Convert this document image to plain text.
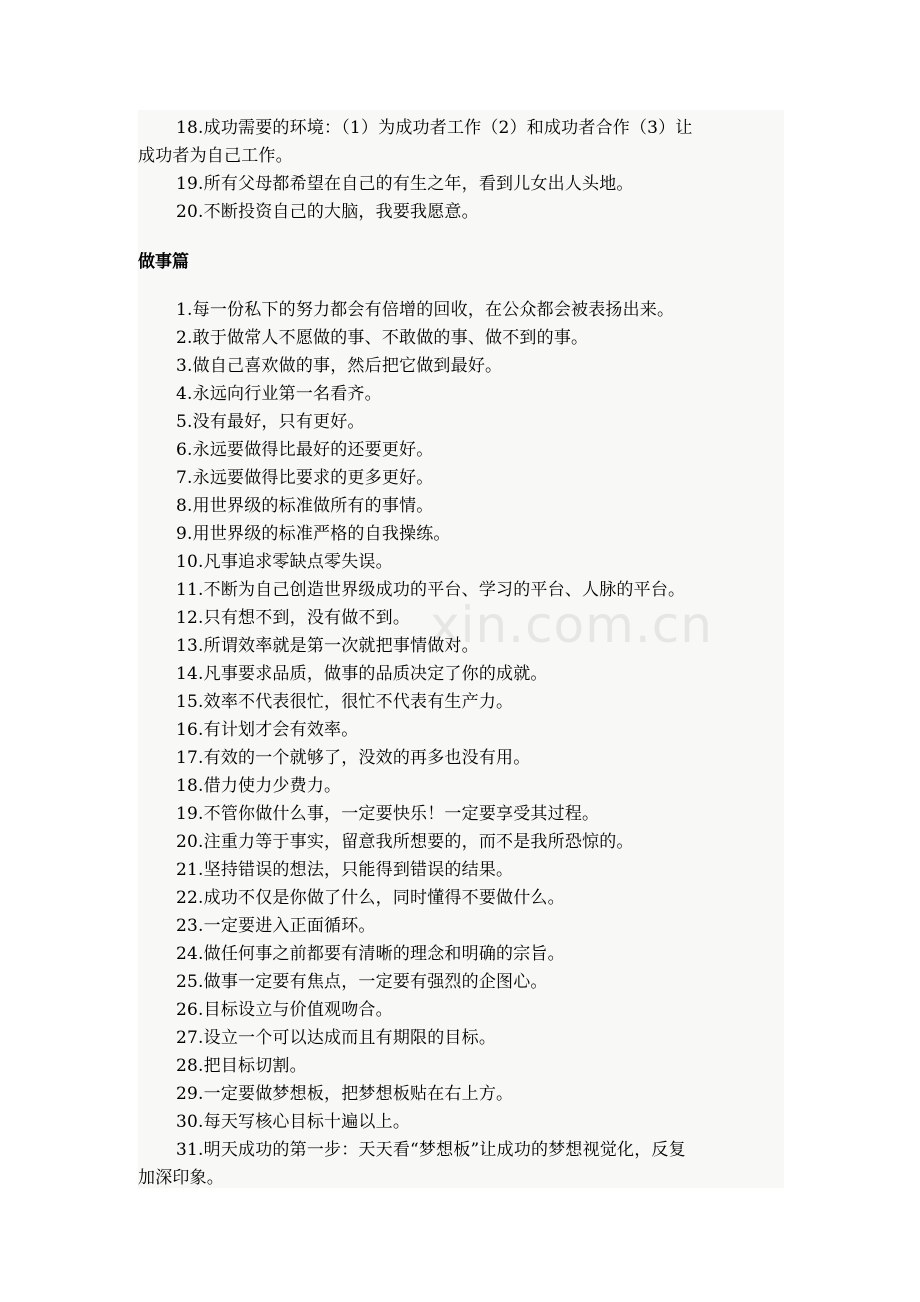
18.成功需要的环境：（1）为成功者工作（2）和成功者合作（3）让
成功者为自己工作。
19.所有父母都希望在自己的有生之年，看到儿女出人头地。
20.不断投资自己的大脑，我要我愿意。
做事篇
1.每一份私下的努力都会有倍增的回收，在公众都会被表扬出来。
2.敢于做常人不愿做的事、不敢做的事、做不到的事。
3.做自己喜欢做的事，然后把它做到最好。
4.永远向行业第一名看齐。
5.没有最好，只有更好。
6.永远要做得比最好的还要更好。
7.永远要做得比要求的更多更好。
8.用世界级的标准做所有的事情。
9.用世界级的标准严格的自我操练。
10.凡事追求零缺点零失误。
11.不断为自己创造世界级成功的平台、学习的平台、人脉的平台。
12.只有想不到，没有做不到。
13.所谓效率就是第一次就把事情做对。
14.凡事要求品质，做事的品质决定了你的成就。
15.效率不代表很忙，很忙不代表有生产力。
16.有计划才会有效率。
17.有效的一个就够了，没效的再多也没有用。
18.借力使力少费力。
19.不管你做什么事，一定要快乐！一定要享受其过程。
20.注重力等于事实，留意我所想要的，而不是我所恐惊的。
21.坚持错误的想法，只能得到错误的结果。
22.成功不仅是你做了什么，同时懂得不要做什么。
23.一定要进入正面循环。
24.做任何事之前都要有清晰的理念和明确的宗旨。
25.做事一定要有焦点，一定要有强烈的企图心。
26.目标设立与价值观吻合。
27.设立一个可以达成而且有期限的目标。
28.把目标切割。
29.一定要做梦想板，把梦想板贴在右上方。
30.每天写核心目标十遍以上。
31.明天成功的第一步：天天看“梦想板”让成功的梦想视觉化，反复
加深印象。
